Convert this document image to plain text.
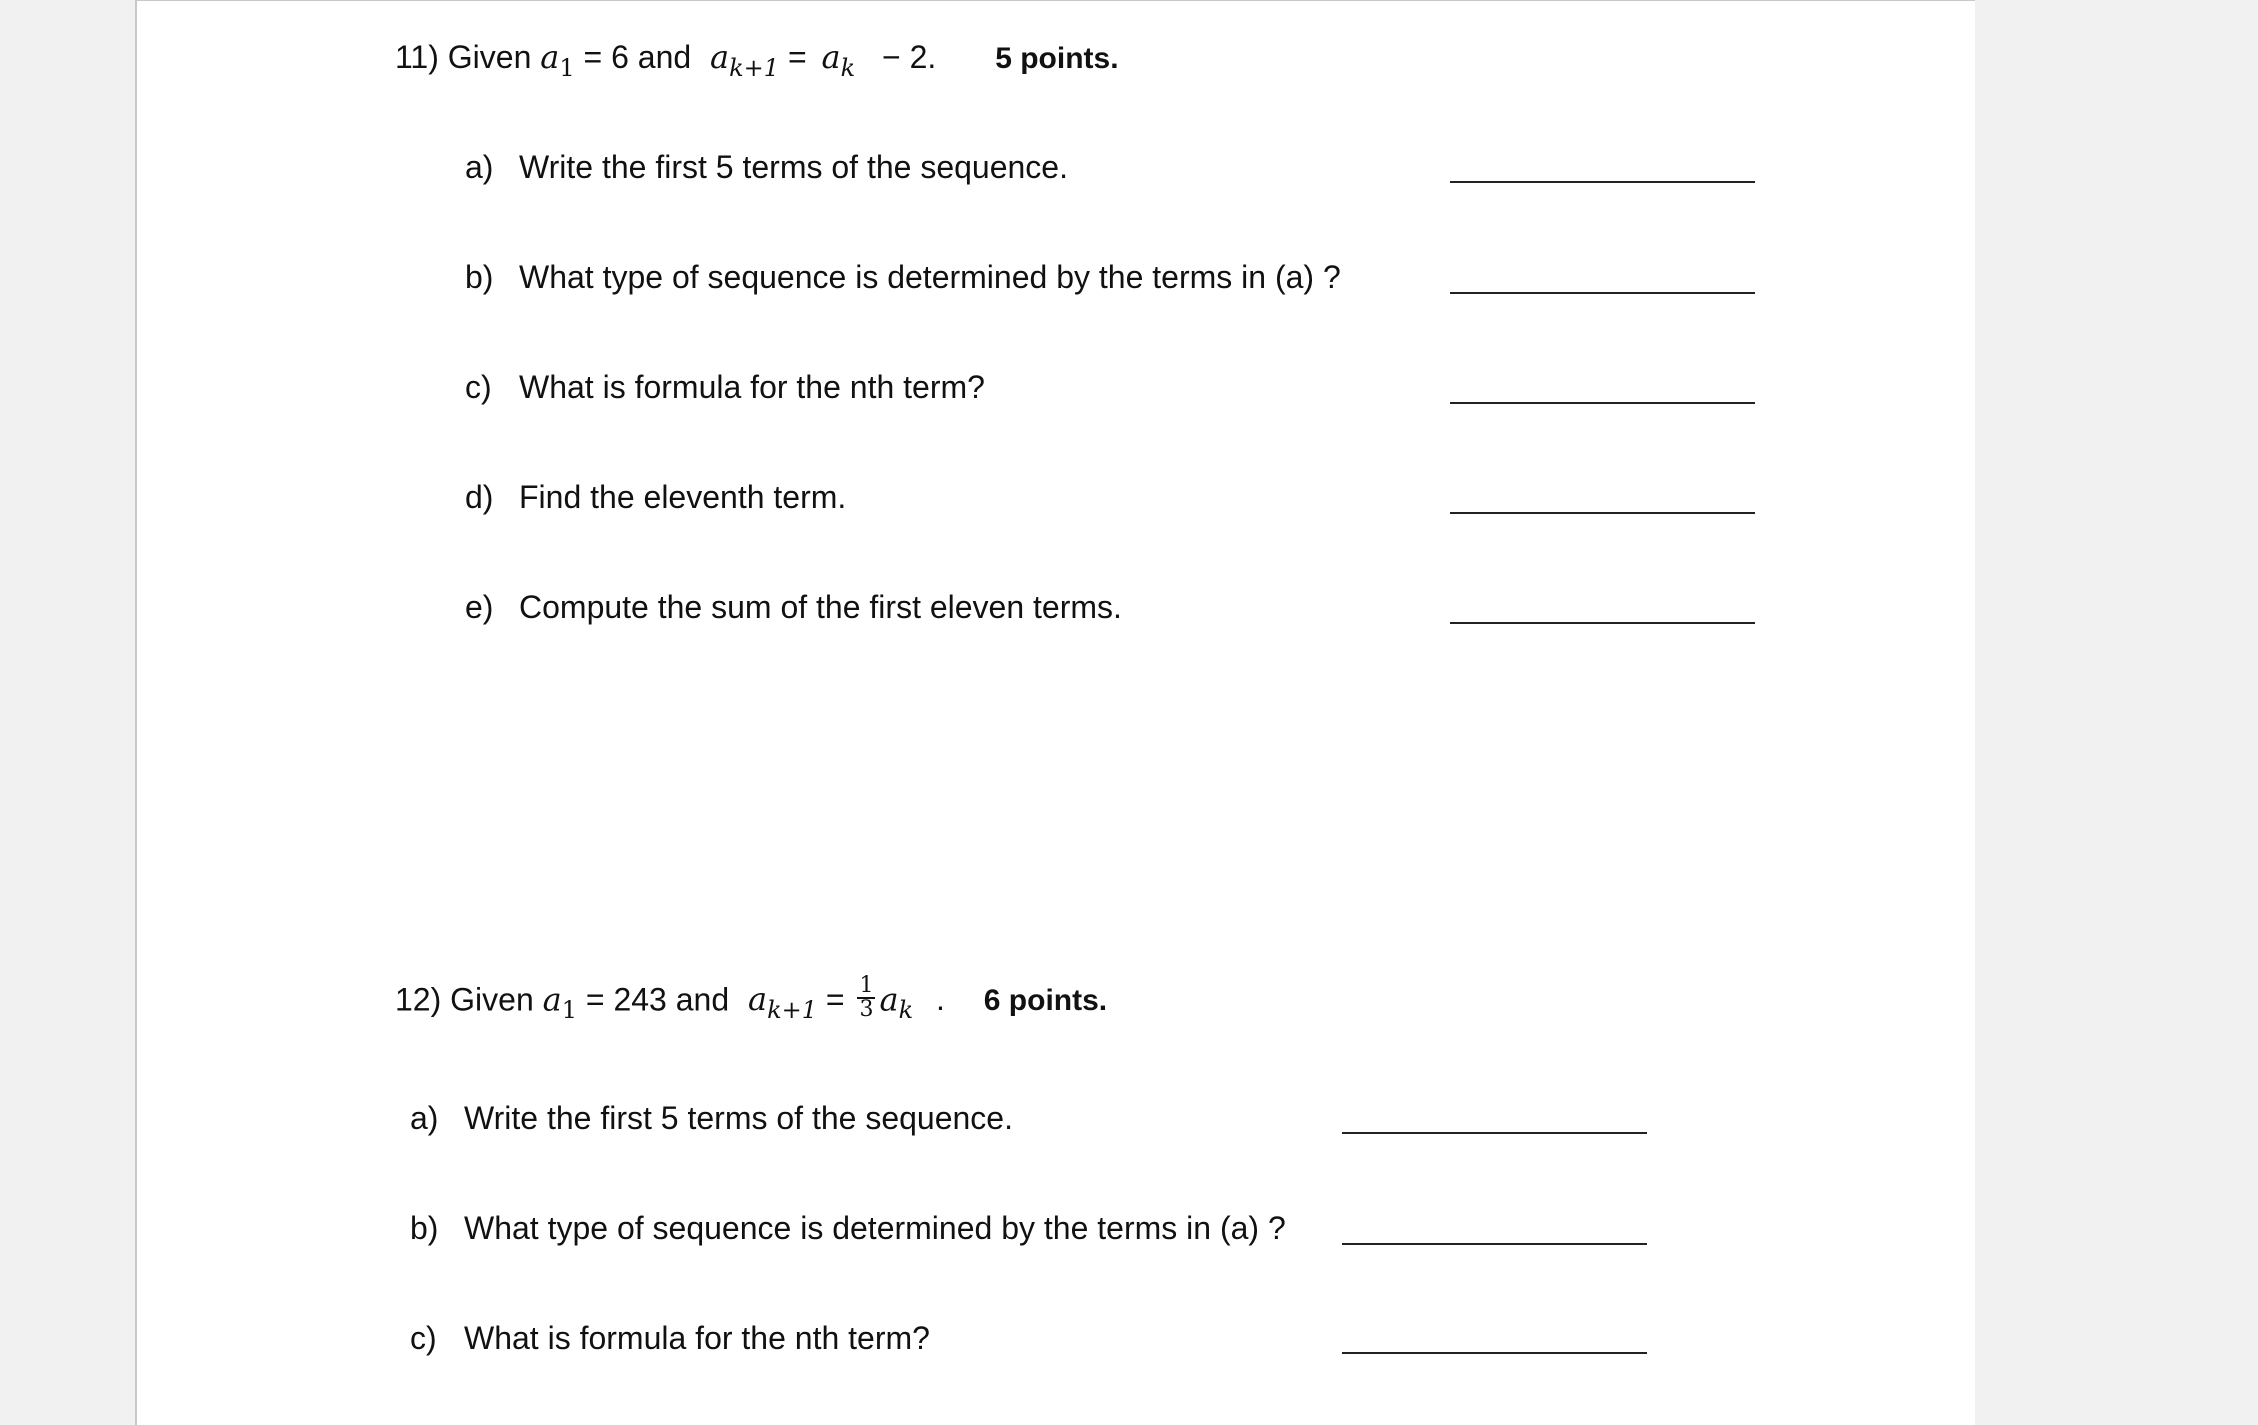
11) Given $a_1 = 6$ and $a_{k+1} = a_k - 2$. 5 points.
a) Write the first 5 terms of the sequence.
b) What type of sequence is determined by the terms in (a) ?
c) What is formula for the nth term?
d) Find the eleventh term.
e) Compute the sum of the first eleven terms.
12) Given $a_1 = 243$ and $a_{k+1} = \frac{1}{3} a_k$ . 6 points.
a) Write the first 5 terms of the sequence.
b) What type of sequence is determined by the terms in (a) ?
c) What is formula for the nth term?
